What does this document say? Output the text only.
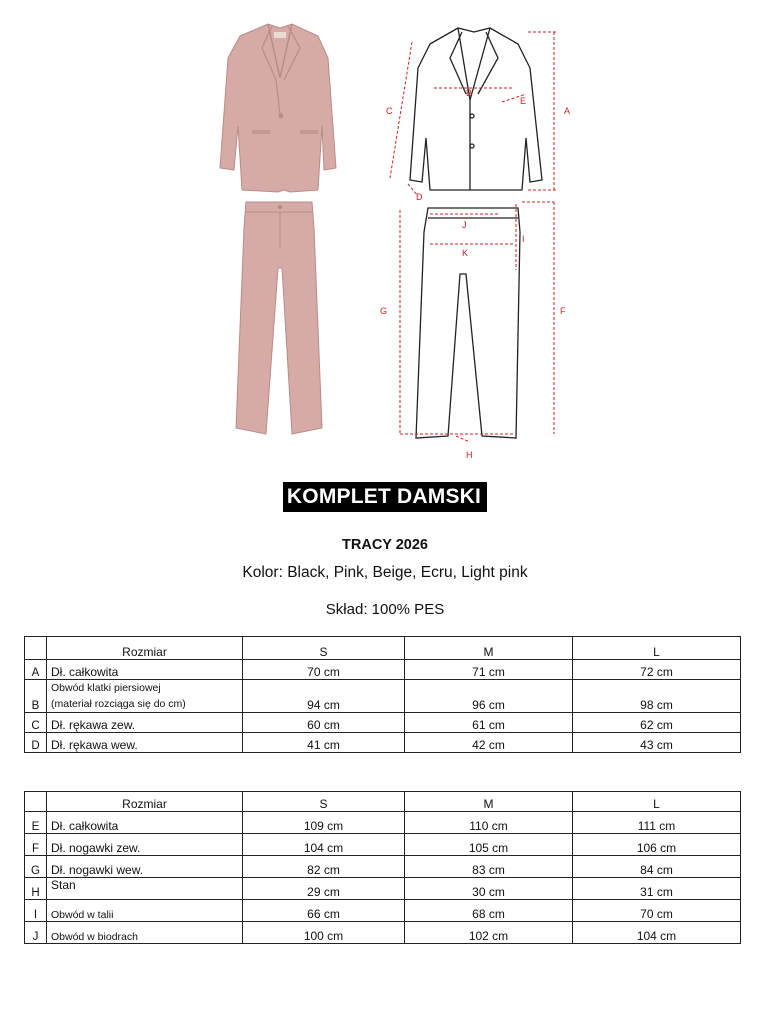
A
B
C
D
E
F
G
H
I
J
K
KOMPLET DAMSKI
TRACY 2026
Kolor: Black, Pink, Beige, Ecru, Light pink
Skład: 100% PES
	Rozmiar	S	M	L
A	Dł. całkowita	70 cm	71 cm	72 cm
B	Obwód klatki piersiowej
(materiał rozciąga się do cm)	94 cm	96 cm	98 cm
C	Dł. rękawa zew.	60 cm	61 cm	62 cm
D	Dł. rękawa wew.	41 cm	42 cm	43 cm
	Rozmiar	S	M	L
E	Dł. całkowita	109 cm	110 cm	111 cm
F	Dł. nogawki zew.	104 cm	105 cm	106 cm
G	Dł. nogawki wew.	82 cm	83 cm	84 cm
H	Stan	29 cm	30 cm	31 cm
I	Obwód w talii	66 cm	68 cm	70 cm
J	Obwód w biodrach	100 cm	102 cm	104 cm
